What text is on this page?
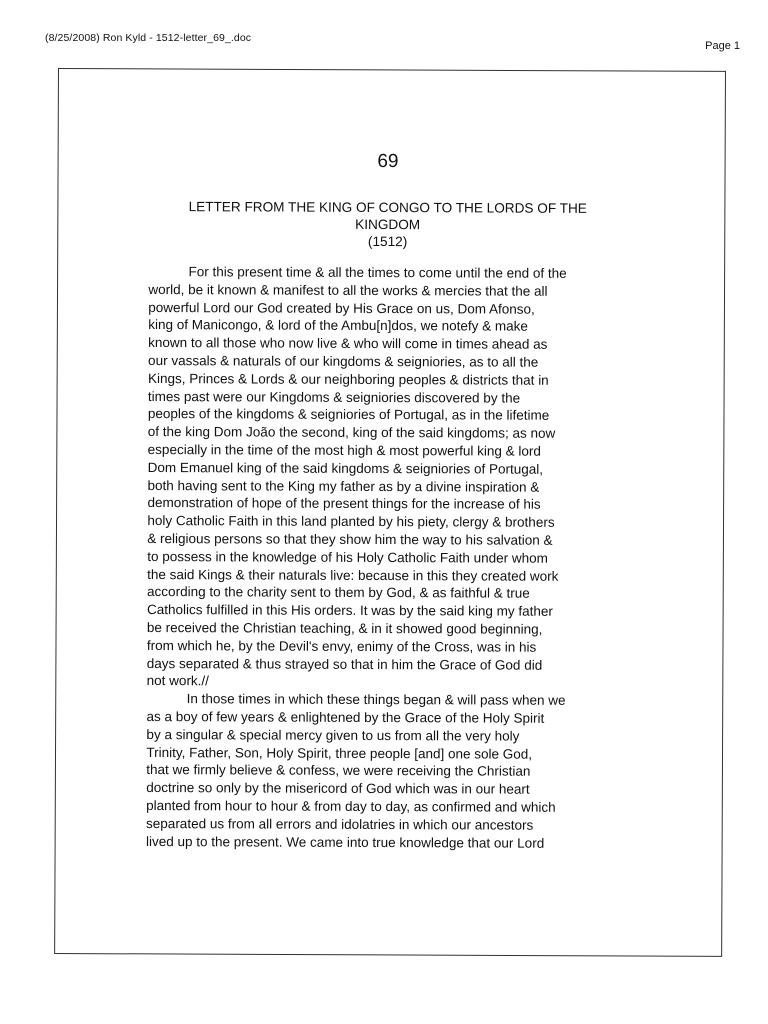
(8/25/2008) Ron Kyld - 1512-letter_69_.doc
Page 1
69
LETTER FROM THE KING OF CONGO TO THE LORDS OF THE KINGDOM
(1512)

For this present time & all the times to come until the end of the
world, be it known & manifest to all the works & mercies that the all
powerful Lord our God created by His Grace on us, Dom Afonso,
king of Manicongo, & lord of the Ambu[n]dos, we notefy & make
known to all those who now live & who will come in times ahead as
our vassals & naturals of our kingdoms & seigniories, as to all the
Kings, Princes & Lords & our neighboring peoples & districts that in
times past were our Kingdoms & seigniories discovered by the
peoples of the kingdoms & seigniories of Portugal, as in the lifetime
of the king Dom João the second, king of the said kingdoms; as now
especially in the time of the most high & most powerful king & lord
Dom Emanuel king of the said kingdoms & seigniories of Portugal,
both having sent to the King my father as by a divine inspiration &
demonstration of hope of the present things for the increase of his
holy Catholic Faith in this land planted by his piety, clergy & brothers
& religious persons so that they show him the way to his salvation &
to possess in the knowledge of his Holy Catholic Faith under whom
the said Kings & their naturals live: because in this they created work
according to the charity sent to them by God, & as faithful & true
Catholics fulfilled in this His orders. It was by the said king my father
be received the Christian teaching, & in it showed good beginning,
from which he, by the Devil's envy, enimy of the Cross, was in his
days separated & thus strayed so that in him the Grace of God did
not work.//

In those times in which these things began & will pass when we
as a boy of few years & enlightened by the Grace of the Holy Spirit
by a singular & special mercy given to us from all the very holy
Trinity, Father, Son, Holy Spirit, three people [and] one sole God,
that we firmly believe & confess, we were receiving the Christian
doctrine so only by the misericord of God which was in our heart
planted from hour to hour & from day to day, as confirmed and which
separated us from all errors and idolatries in which our ancestors
lived up to the present. We came into true knowledge that our Lord
